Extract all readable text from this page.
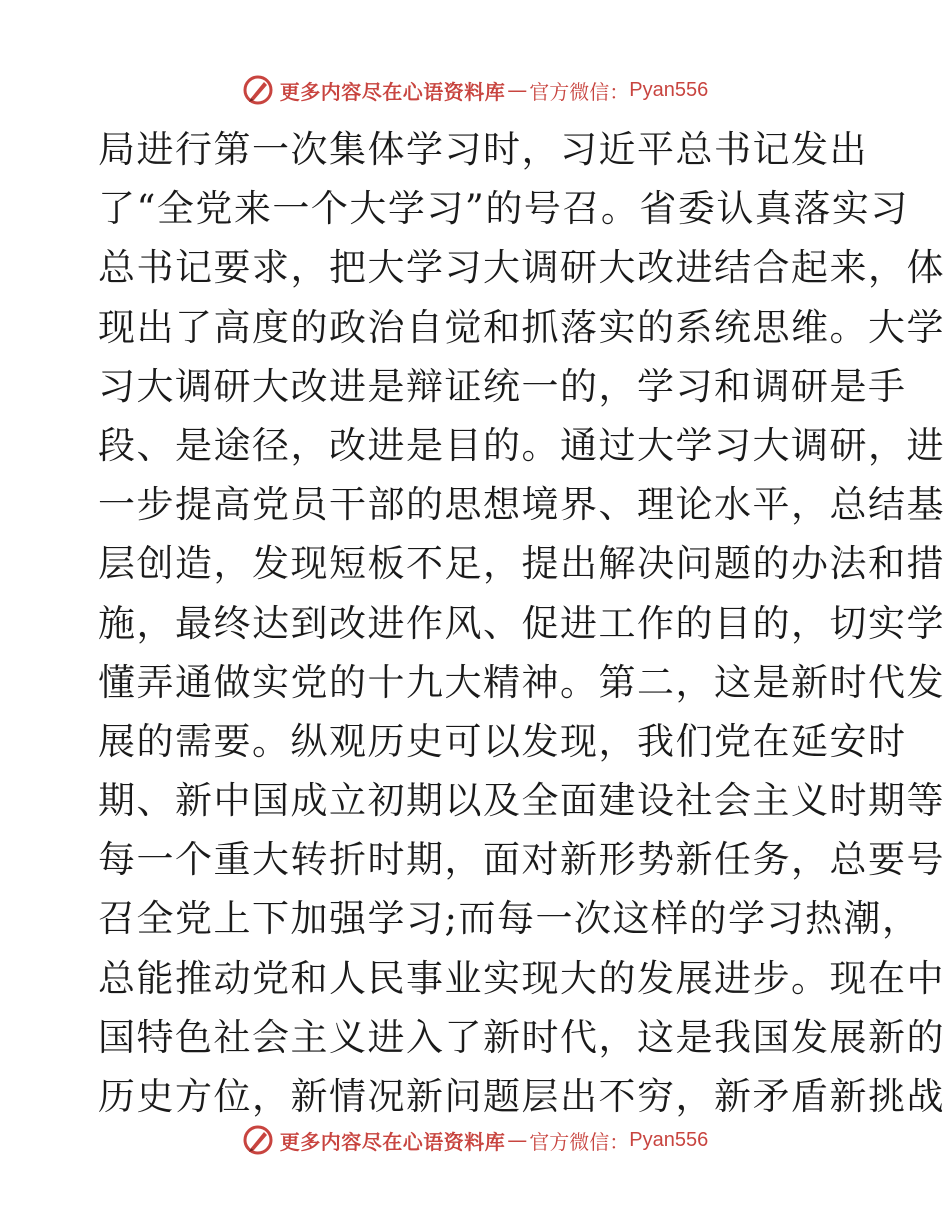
更多内容尽在心语资料库 — 官方微信： Pyan556
局进行第一次集体学习时，习近平总书记发出
了“全党来一个大学习”的号召。省委认真落实习
总书记要求，把大学习大调研大改进结合起来，体
现出了高度的政治自觉和抓落实的系统思维。大学
习大调研大改进是辩证统一的，学习和调研是手
段、是途径，改进是目的。通过大学习大调研，进
一步提高党员干部的思想境界、理论水平，总结基
层创造，发现短板不足，提出解决问题的办法和措
施，最终达到改进作风、促进工作的目的，切实学
懂弄通做实党的十九大精神。第二，这是新时代发
展的需要。纵观历史可以发现，我们党在延安时
期、新中国成立初期以及全面建设社会主义时期等
每一个重大转折时期，面对新形势新任务，总要号
召全党上下加强学习;而每一次这样的学习热潮，
总能推动党和人民事业实现大的发展进步。现在中
国特色社会主义进入了新时代，这是我国发展新的
历史方位，新情况新问题层出不穷，新矛盾新挑战
更多内容尽在心语资料库 — 官方微信： Pyan556
